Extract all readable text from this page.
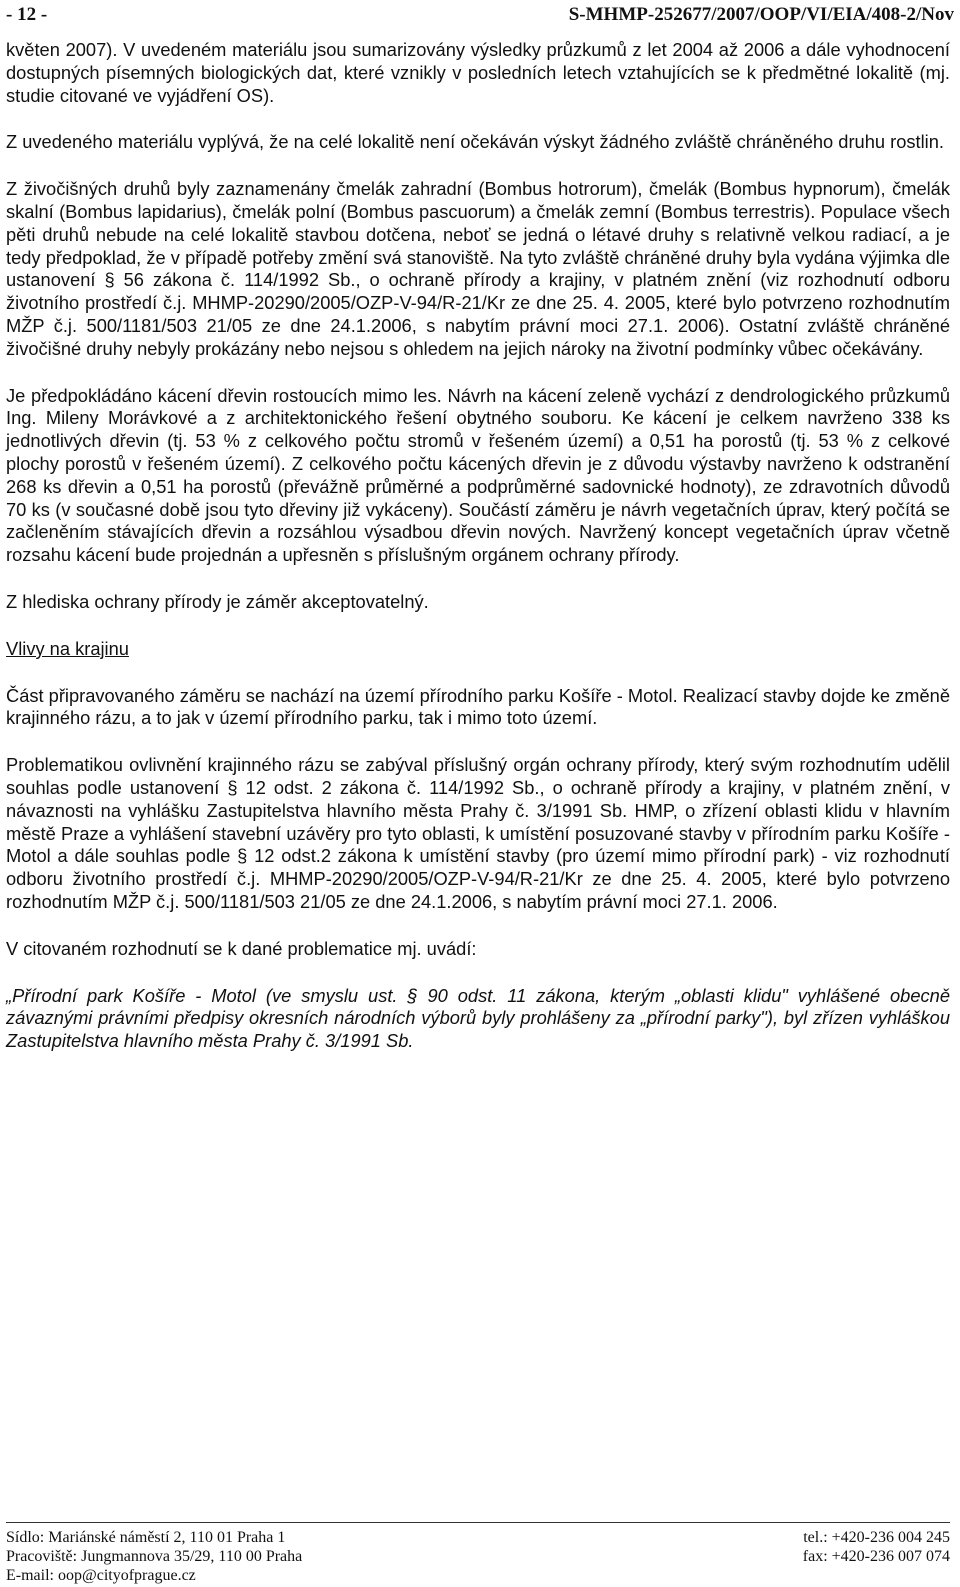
- 12 -	S-MHMP-252677/2007/OOP/VI/EIA/408-2/Nov

květen 2007). V uvedeném materiálu jsou sumarizovány výsledky průzkumů z let 2004 až 2006 a dále vyhodnocení dostupných písemných biologických dat, které vznikly v posledních letech vztahujících se k předmětné lokalitě (mj. studie citované ve vyjádření OS).

Z uvedeného materiálu vyplývá, že na celé lokalitě není očekáván výskyt žádného zvláště chráněného druhu rostlin.

Z živočišných druhů byly zaznamenány čmelák zahradní (Bombus hotrorum), čmelák (Bombus hypnorum), čmelák skalní (Bombus lapidarius), čmelák polní (Bombus pascuorum) a čmelák zemní (Bombus terrestris). Populace všech pěti druhů nebude na celé lokalitě stavbou dotčena, neboť se jedná o létavé druhy s relativně velkou radiací, a je tedy předpoklad, že v případě potřeby změní svá stanoviště. Na tyto zvláště chráněné druhy byla vydána výjimka dle ustanovení § 56 zákona č. 114/1992 Sb., o ochraně přírody a krajiny, v platném znění (viz rozhodnutí odboru životního prostředí č.j. MHMP-20290/2005/OZP-V-94/R-21/Kr ze dne 25. 4. 2005, které bylo potvrzeno rozhodnutím MŽP č.j. 500/1181/503 21/05 ze dne 24.1.2006, s nabytím právní moci 27.1. 2006). Ostatní zvláště chráněné živočišné druhy nebyly prokázány nebo nejsou s ohledem na jejich nároky na životní podmínky vůbec očekávány.

Je předpokládáno kácení dřevin rostoucích mimo les. Návrh na kácení zeleně vychází z dendrologického průzkumů Ing. Mileny Morávkové a z architektonického řešení obytného souboru. Ke kácení je celkem navrženo 338 ks jednotlivých dřevin (tj. 53 % z celkového počtu stromů v řešeném území) a 0,51 ha porostů (tj. 53 % z celkové plochy porostů v řešeném území). Z celkového počtu kácených dřevin je z důvodu výstavby navrženo k odstranění 268 ks dřevin a 0,51 ha porostů (převážně průměrné a podprůměrné sadovnické hodnoty), ze zdravotních důvodů 70 ks (v současné době jsou tyto dřeviny již vykáceny). Součástí záměru je návrh vegetačních úprav, který počítá se začleněním stávajících dřevin a rozsáhlou výsadbou dřevin nových. Navržený koncept vegetačních úprav včetně rozsahu kácení bude projednán a upřesněn s příslušným orgánem ochrany přírody.

Z hlediska ochrany přírody je záměr akceptovatelný.

Vlivy na krajinu

Část připravovaného záměru se nachází na území přírodního parku Košíře - Motol. Realizací stavby dojde ke změně krajinného rázu, a to jak v území přírodního parku, tak i mimo toto území.

Problematikou ovlivnění krajinného rázu se zabýval příslušný orgán ochrany přírody, který svým rozhodnutím udělil souhlas podle ustanovení § 12 odst. 2 zákona č. 114/1992 Sb., o ochraně přírody a krajiny, v platném znění, v návaznosti na vyhlášku Zastupitelstva hlavního města Prahy č. 3/1991 Sb. HMP, o zřízení oblasti klidu v hlavním městě Praze a vyhlášení stavební uzávěry pro tyto oblasti, k umístění posuzované stavby v přírodním parku Košíře - Motol a dále souhlas podle § 12 odst.2 zákona k umístění stavby (pro území mimo přírodní park) - viz rozhodnutí odboru životního prostředí č.j. MHMP-20290/2005/OZP-V-94/R-21/Kr ze dne 25. 4. 2005, které bylo potvrzeno rozhodnutím MŽP č.j. 500/1181/503 21/05 ze dne 24.1.2006, s nabytím právní moci 27.1. 2006.

V citovaném rozhodnutí se k dané problematice mj. uvádí:

„Přírodní park Košíře - Motol (ve smyslu ust. § 90 odst. 11 zákona, kterým „oblasti klidu" vyhlášené obecně závaznými právními předpisy okresních národních výborů byly prohlášeny za „přírodní parky"), byl zřízen vyhláškou Zastupitelstva hlavního města Prahy č. 3/1991 Sb.

Sídlo: Mariánské náměstí 2, 110 01 Praha 1
Pracoviště: Jungmannova 35/29, 110 00 Praha
E-mail: oop@cityofprague.cz
tel.: +420-236 004 245
fax: +420-236 007 074
